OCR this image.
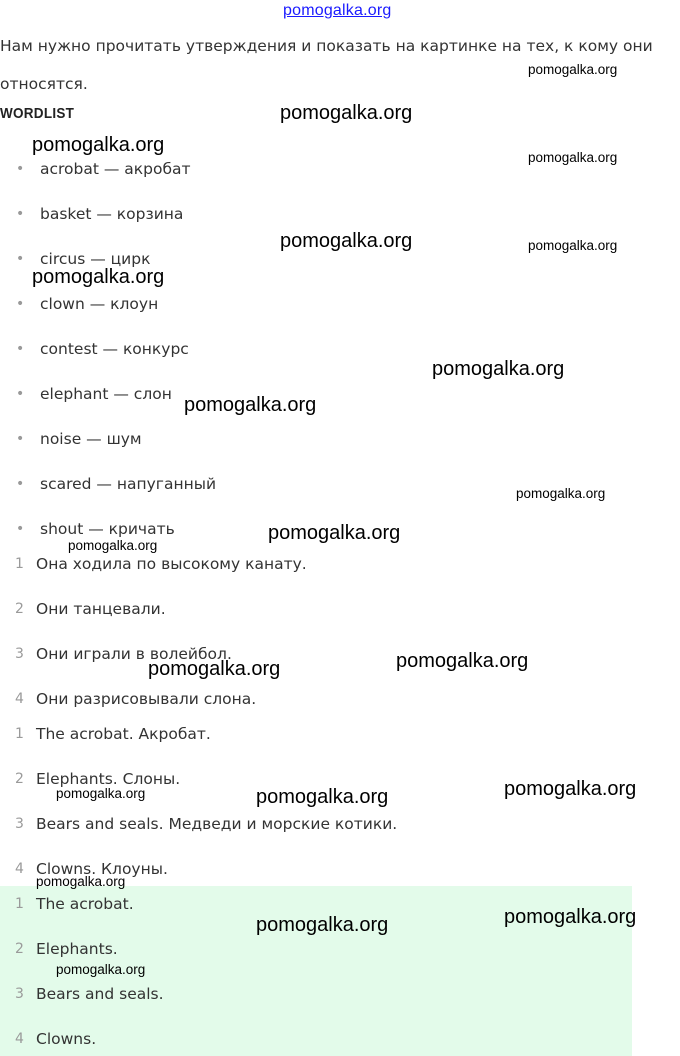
pomogalka.org

Нам нужно прочитать утверждения и показать на картинке на тех, к кому они относятся.

WORDLIST
•	acrobat — акробат
•	basket — корзина
•	circus — цирк
•	clown — клоун
•	contest — конкурс
•	elephant — слон
•	noise — шум
•	scared — напуганный
•	shout — кричать
1 Она ходила по высокому канату.
2 Они танцевали.
3 Они играли в волейбол.
4 Они разрисовывали слона.
1 The acrobat. Акробат.
2 Elephants. Слоны.
3 Bears and seals. Медведи и морские котики.
4 Clowns. Клоуны.
1 The acrobat.
2 Elephants.
3 Bears and seals.
4 Clowns.
pomogalka.org
pomogalka.org
pomogalka.org
pomogalka.org
pomogalka.org	pomogalka.org
pomogalka.org
pomogalka.org
pomogalka.org
pomogalka.org
pomogalka.org
pomogalka.org
pomogalka.org
pomogalka.org
pomogalka.org
pomogalka.org	pomogalka.org
pomogalka.org
pomogalka.org
pomogalka.org
pomogalka.org
